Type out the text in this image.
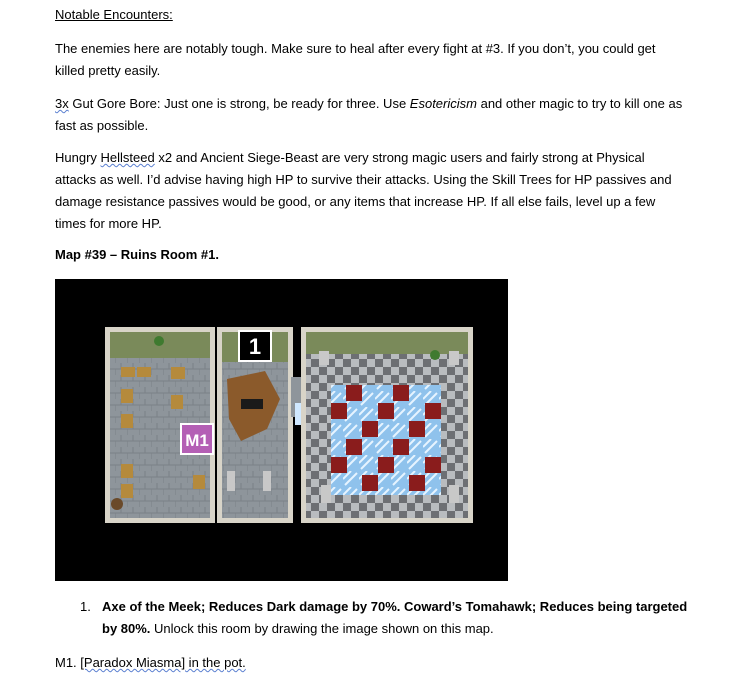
Notable Encounters:
The enemies here are notably tough. Make sure to heal after every fight at #3. If you don’t, you could get killed pretty easily.
3x Gut Gore Bore: Just one is strong, be ready for three. Use Esotericism and other magic to try to kill one as fast as possible.
Hungry Hellsteed x2 and Ancient Siege-Beast are very strong magic users and fairly strong at Physical attacks as well. I’d advise having high HP to survive their attacks. Using the Skill Trees for HP passives and damage resistance passives would be good, or any items that increase HP. If all else fails, level up a few times for more HP.
Map #39 – Ruins Room #1.
1
M1
1. Axe of the Meek; Reduces Dark damage by 70%. Coward’s Tomahawk; Reduces being targeted by 80%. Unlock this room by drawing the image shown on this map.
M1. [Paradox Miasma] in the pot.
